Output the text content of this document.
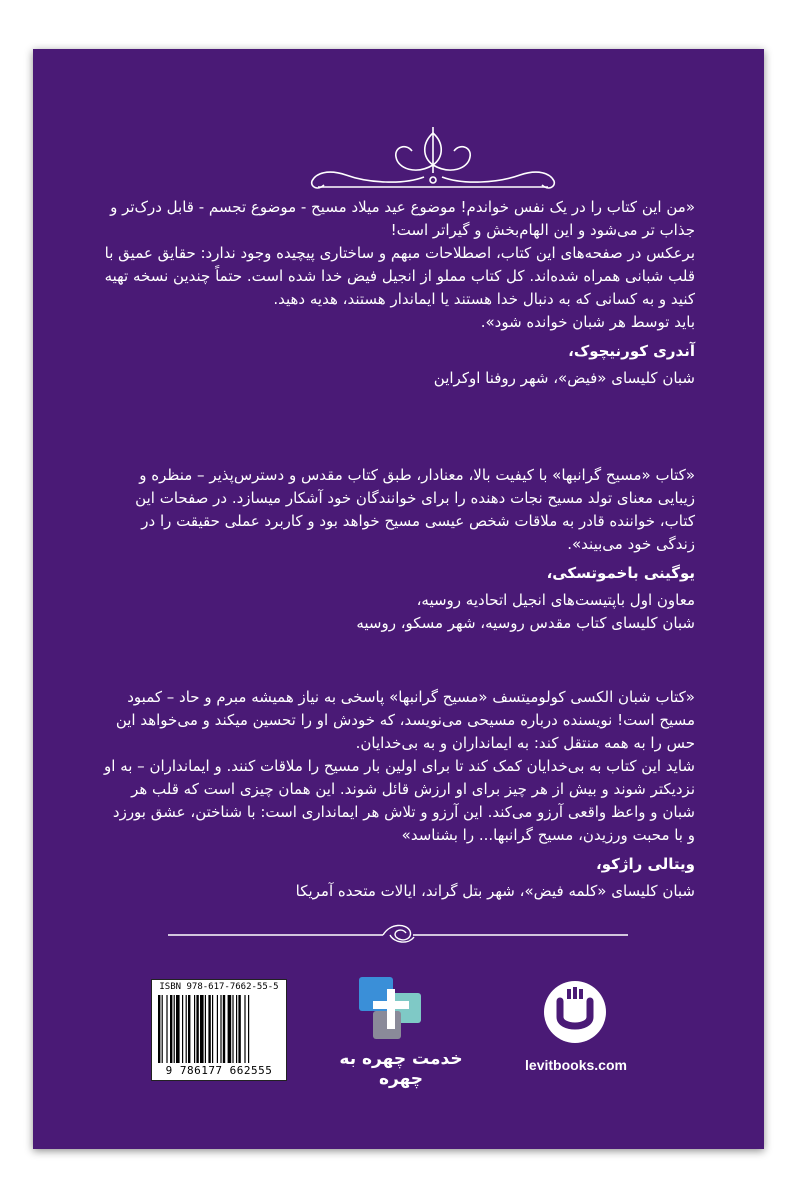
«من این کتاب را در یک نفس خواندم! موضوع عید میلاد مسیح - موضوع تجسم - قابل درک‌تر و جذاب تر می‌شود و این الهام‌بخش و گیراتر است!

برعکس در صفحه‌های این کتاب، اصطلاحات مبهم و ساختاری پیچیده وجود ندارد: حقایق عمیق با قلب شبانی همراه شده‌اند. کل کتاب مملو از انجیل فیض خدا شده است. حتماً چندین نسخه تهیه کنید و به کسانی که به دنبال خدا هستند یا ایماندار هستند، هدیه دهید.

باید توسط هر شبان خوانده شود».

آندری کورنیچوک،

شبان کلیسای «فیض»، شهر روفنا اوکراین

«کتاب «مسیح گرانبها» با کیفیت بالا، معنادار، طبق کتاب مقدس و دسترس‌پذیر – منظره و زیبایی معنای تولد مسیح نجات دهنده را برای خوانندگان خود آشکار میسازد. در صفحات این کتاب، خواننده قادر به ملاقات شخص عیسی مسیح خواهد بود و کاربرد عملی حقیقت را در زندگی خود می‌بیند».

یوگینی باخموتسکی،

معاون اول باپتیست‌های انجیل اتحادیه روسیه،

شبان کلیسای کتاب مقدس روسیه، شهر مسکو، روسیه

«کتاب شبان الکسی کولومیتسف «مسیح گرانبها» پاسخی به نیاز همیشه مبرم و حاد – کمبود مسیح است! نویسنده درباره مسیحی می‌نویسد، که خودش او را تحسین میکند و می‌خواهد این حس را به همه منتقل کند: به ایمانداران و به بی‌خدایان.

شاید این کتاب به بی‌خدایان کمک کند تا برای اولین بار مسیح را ملاقات کنند. و ایمانداران – به او نزدیکتر شوند و بیش از هر چیز برای او ارزش قائل شوند. این همان چیزی است که قلب هر شبان و واعظ واقعی آرزو می‌کند. این آرزو و تلاش هر ایمانداری است: با شناختن، عشق بورزد و با محبت ورزیدن، مسیح گرانبها... را بشناسد»

ویتالی راژکو،

شبان کلیسای «کلمه فیض»، شهر بتل گراند، ایالات متحده آمریکا

ISBN 978-617-7662-55-5
9 786177 662555
خدمت چهره به چهره
levitbooks.com
